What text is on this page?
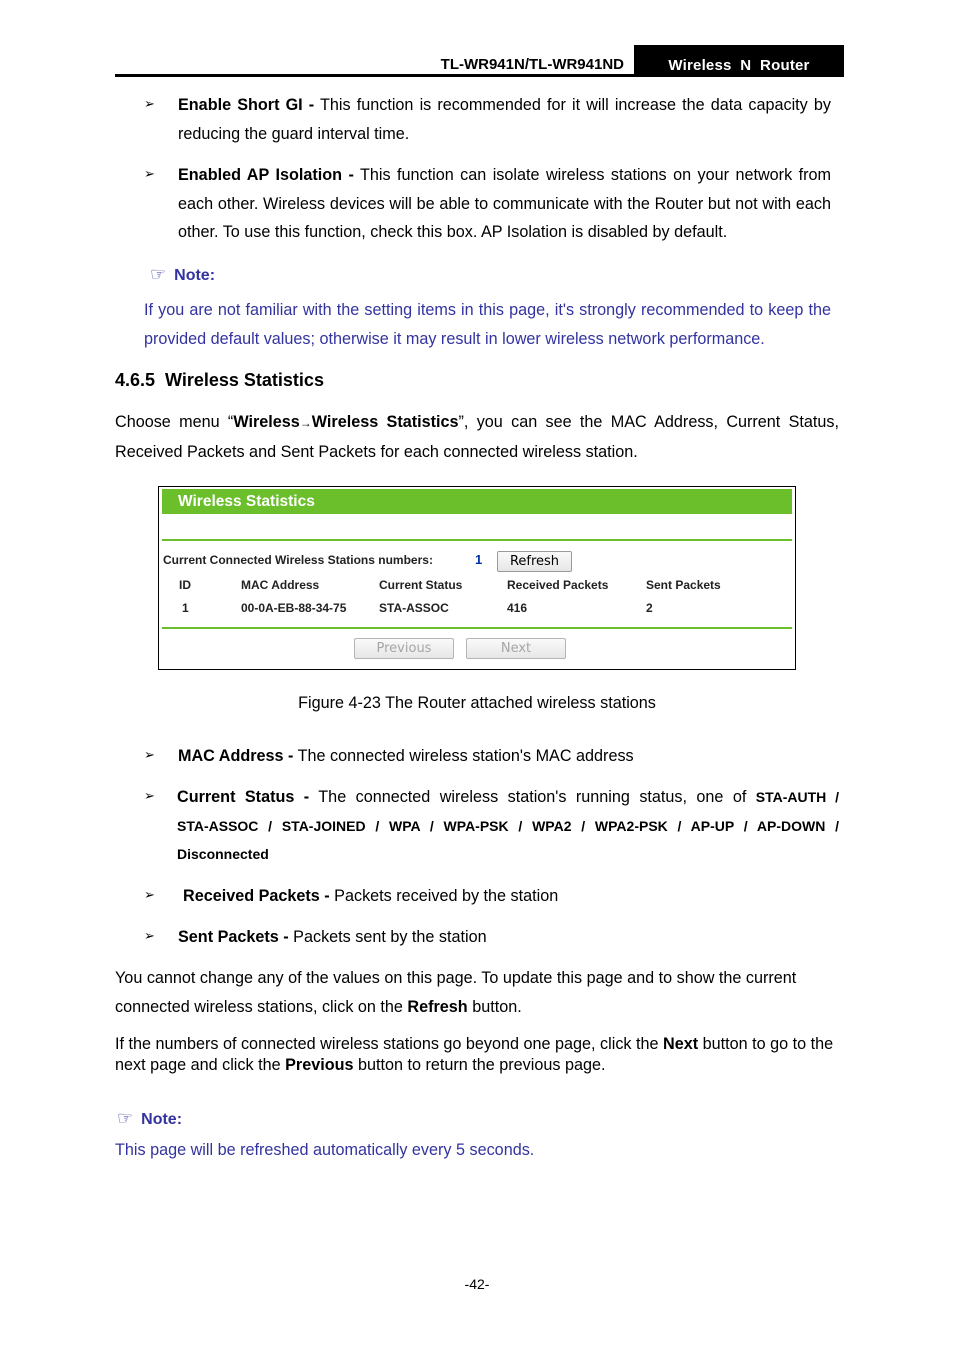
TL-WR941N/TL-WR941ND	Wireless  N  Router
➢ Enable Short GI - This function is recommended for it will increase the data capacity by reducing the guard interval time.
➢ Enabled AP Isolation - This function can isolate wireless stations on your network from each other. Wireless devices will be able to communicate with the Router but not with each other. To use this function, check this box. AP Isolation is disabled by default.
☞ Note:
If you are not familiar with the setting items in this page, it's strongly recommended to keep the provided default values; otherwise it may result in lower wireless network performance.
4.6.5  Wireless Statistics
Choose menu “Wireless→Wireless Statistics”, you can see the MAC Address, Current Status, Received Packets and Sent Packets for each connected wireless station.
Wireless Statistics
Current Connected Wireless Stations numbers:	1	Refresh
ID	MAC Address	Current Status	Received Packets	Sent Packets
1	00-0A-EB-88-34-75	STA-ASSOC	416	2
Previous	Next
Figure 4-23 The Router attached wireless stations
➢ MAC Address - The connected wireless station's MAC address
➢ Current Status - The connected wireless station's running status, one of STA-AUTH / STA-ASSOC / STA-JOINED / WPA / WPA-PSK / WPA2 / WPA2-PSK / AP-UP / AP-DOWN / Disconnected
➢ Received Packets - Packets received by the station
➢ Sent Packets - Packets sent by the station
You cannot change any of the values on this page. To update this page and to show the current connected wireless stations, click on the Refresh button.
If the numbers of connected wireless stations go beyond one page, click the Next button to go to the next page and click the Previous button to return the previous page.
☞ Note:
This page will be refreshed automatically every 5 seconds.
-42-
